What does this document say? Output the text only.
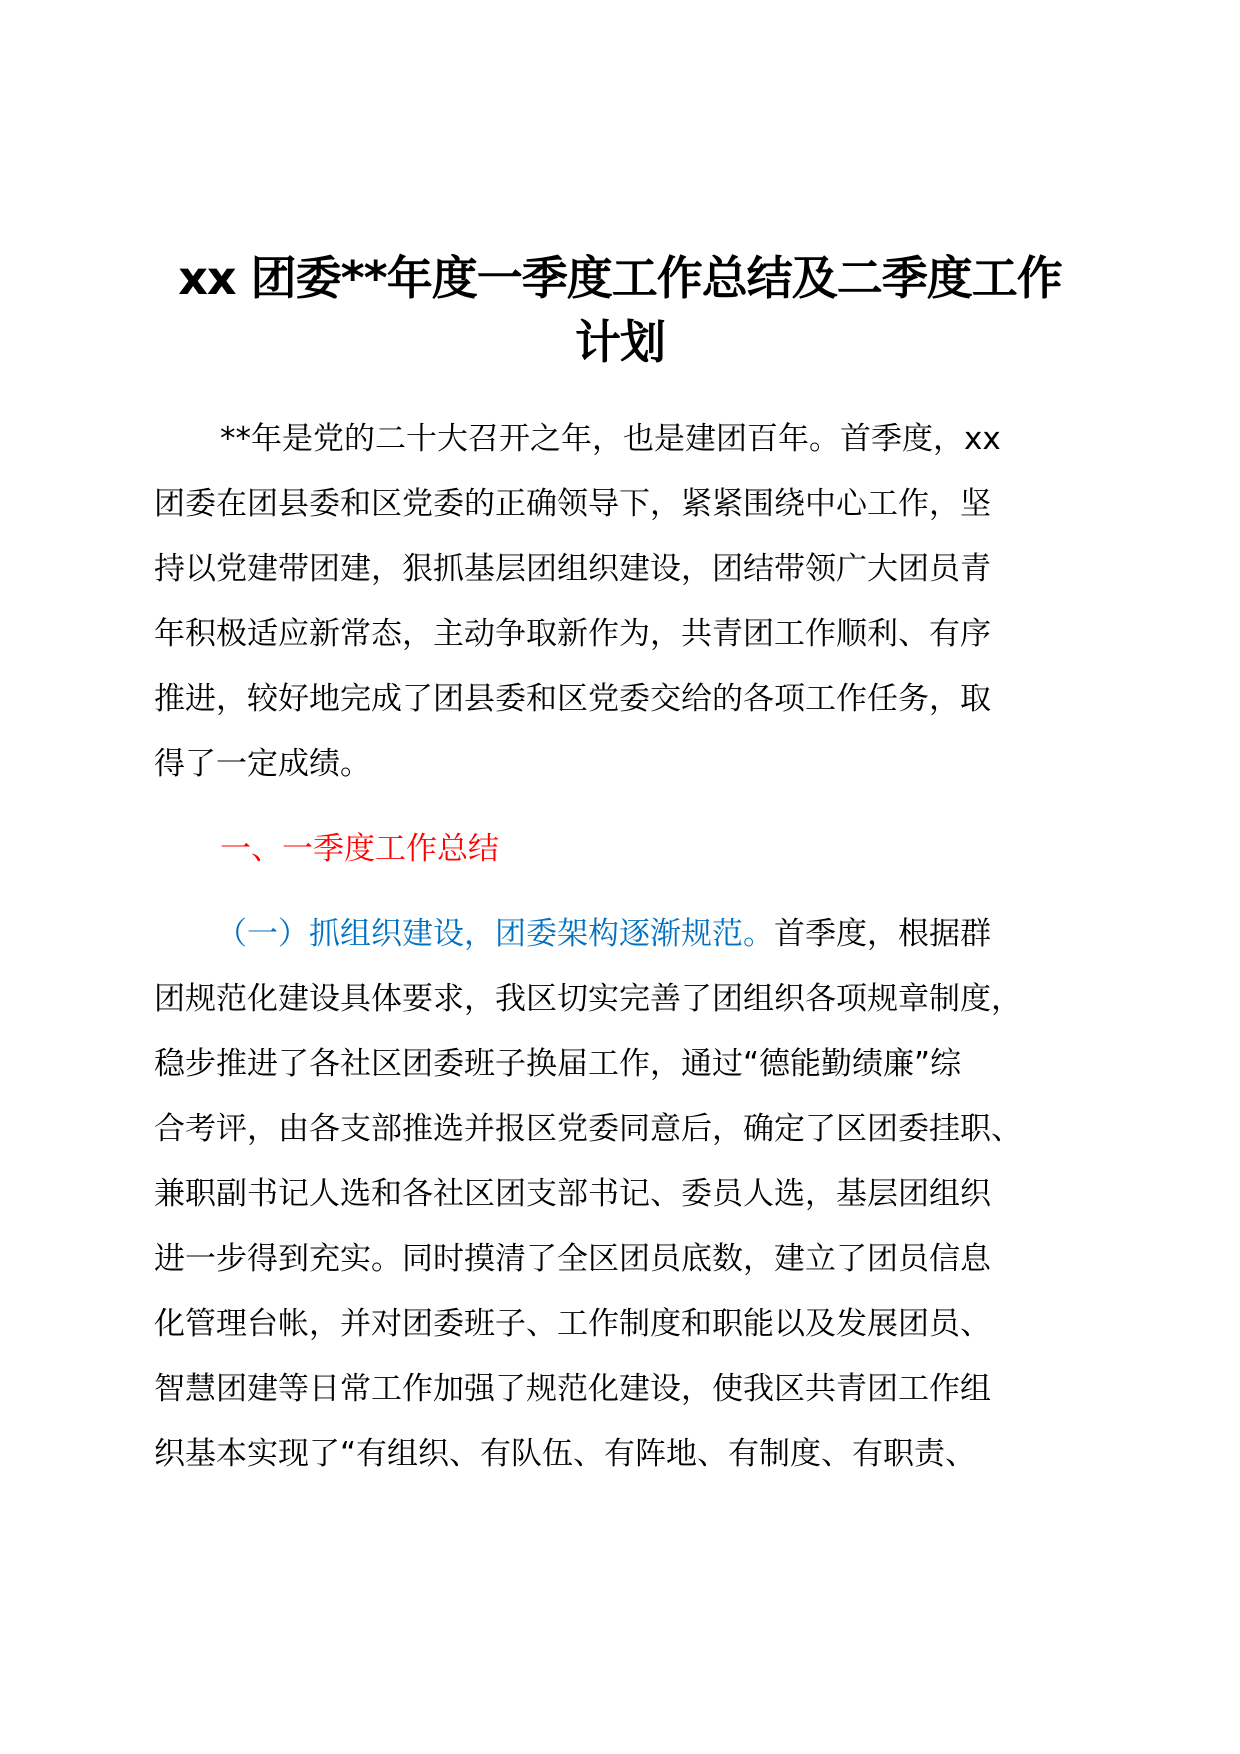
xx 团委**年度一季度工作总结及二季度工作
计划
**年是党的二十大召开之年，也是建团百年。首季度，xx
团委在团县委和区党委的正确领导下，紧紧围绕中心工作，坚
持以党建带团建，狠抓基层团组织建设，团结带领广大团员青
年积极适应新常态，主动争取新作为，共青团工作顺利、有序
推进，较好地完成了团县委和区党委交给的各项工作任务，取
得了一定成绩。
一、一季度工作总结
（一）抓组织建设，团委架构逐渐规范。首季度，根据群
团规范化建设具体要求，我区切实完善了团组织各项规章制度，
稳步推进了各社区团委班子换届工作，通过“德能勤绩廉”综
合考评，由各支部推选并报区党委同意后，确定了区团委挂职、
兼职副书记人选和各社区团支部书记、委员人选，基层团组织
进一步得到充实。同时摸清了全区团员底数，建立了团员信息
化管理台帐，并对团委班子、工作制度和职能以及发展团员、
智慧团建等日常工作加强了规范化建设，使我区共青团工作组
织基本实现了“有组织、有队伍、有阵地、有制度、有职责、
